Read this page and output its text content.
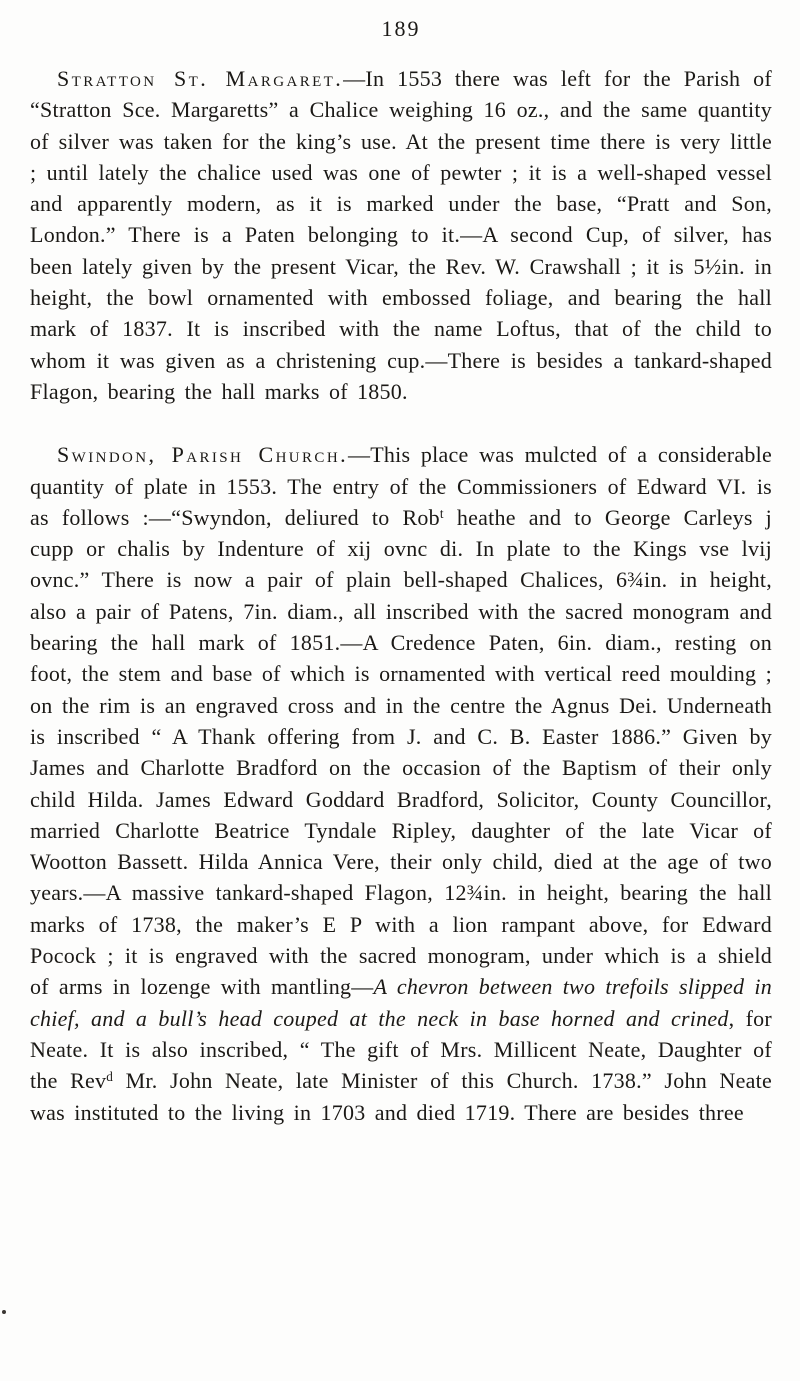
189

Stratton St. Margaret.—In 1553 there was left for the Parish of “Stratton Sce. Margaretts” a Chalice weighing 16 oz., and the same quantity of silver was taken for the king’s use. At the present time there is very little ; until lately the chalice used was one of pewter ; it is a well-shaped vessel and apparently modern, as it is marked under the base, “Pratt and Son, London.” There is a Paten belonging to it.—A second Cup, of silver, has been lately given by the present Vicar, the Rev. W. Crawshall ; it is 5½in. in height, the bowl ornamented with embossed foliage, and bearing the hall mark of 1837. It is inscribed with the name Loftus, that of the child to whom it was given as a christening cup.—There is besides a tankard-shaped Flagon, bearing the hall marks of 1850.

Swindon, Parish Church.—This place was mulcted of a considerable quantity of plate in 1553. The entry of the Commissioners of Edward VI. is as follows :—“Swyndon, deliured to Rob$^t$ heathe and to George Carleys j cupp or chalis by Indenture of xij ovnc di. In plate to the Kings vse lvij ovnc.” There is now a pair of plain bell-shaped Chalices, 6¾in. in height, also a pair of Patens, 7in. diam., all inscribed with the sacred monogram and bearing the hall mark of 1851.—A Credence Paten, 6in. diam., resting on foot, the stem and base of which is ornamented with vertical reed moulding ; on the rim is an engraved cross and in the centre the Agnus Dei. Underneath is inscribed “ A Thank offering from J. and C. B. Easter 1886.” Given by James and Charlotte Bradford on the occasion of the Baptism of their only child Hilda. James Edward Goddard Bradford, Solicitor, County Councillor, married Charlotte Beatrice Tyndale Ripley, daughter of the late Vicar of Wootton Bassett. Hilda Annica Vere, their only child, died at the age of two years.—A massive tankard-shaped Flagon, 12¾in. in height, bearing the hall marks of 1738, the maker’s E P with a lion rampant above, for Edward Pocock ; it is engraved with the sacred monogram, under which is a shield of arms in lozenge with mantling—A chevron between two trefoils slipped in chief, and a bull’s head couped at the neck in base horned and crined, for Neate. It is also inscribed, “ The gift of Mrs. Millicent Neate, Daughter of the Rev$^d$ Mr. John Neate, late Minister of this Church. 1738.” John Neate was instituted to the living in 1703 and died 1719. There are besides three
